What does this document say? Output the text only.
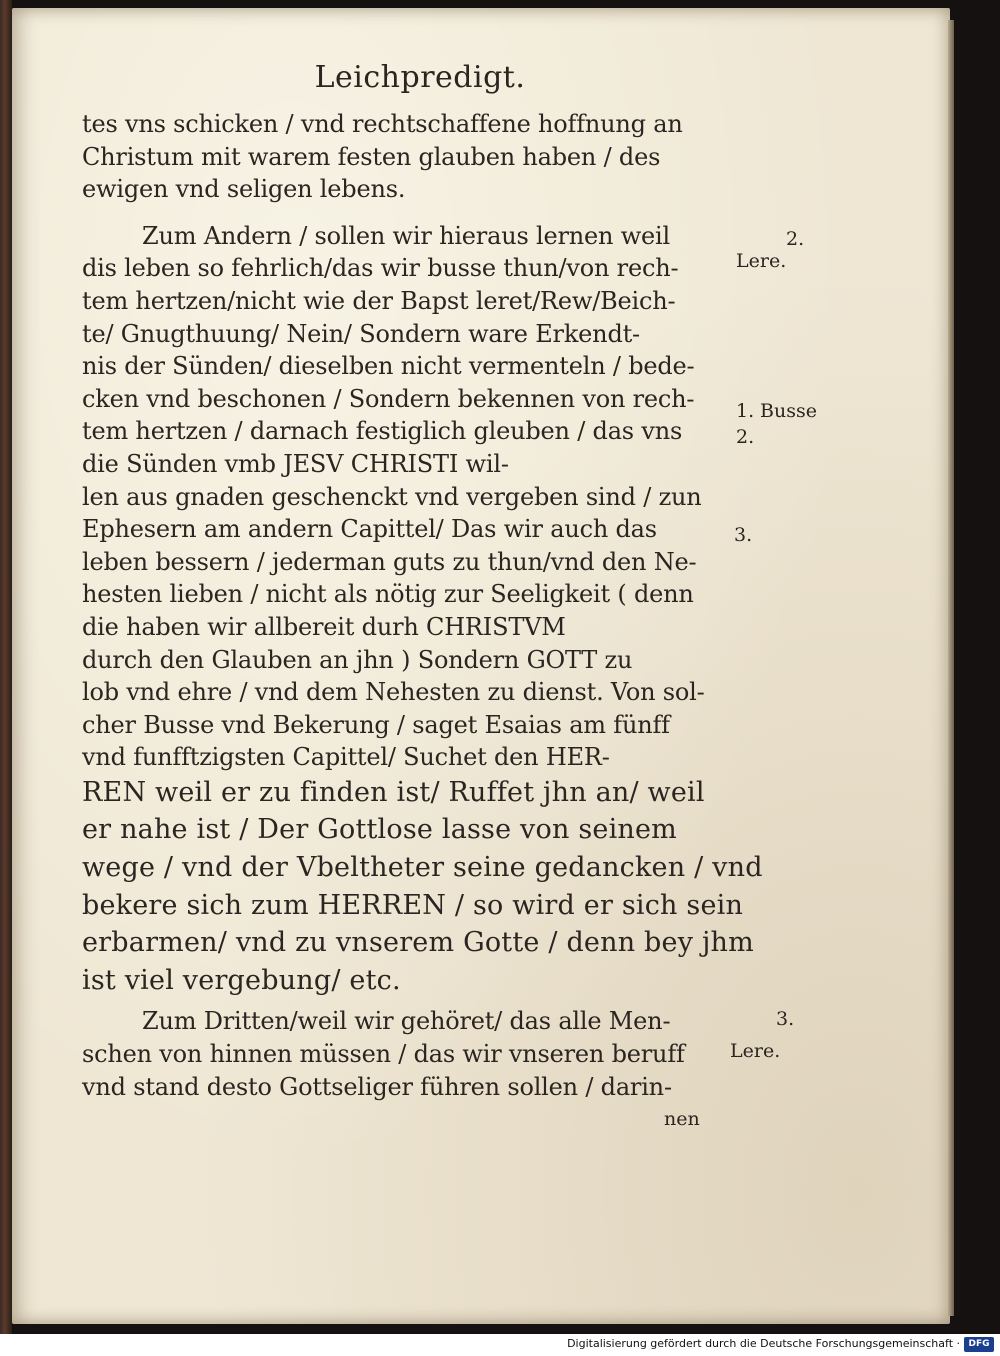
Leichpredigt.
tes vns schicken / vnd rechtschaffene hoffnung an
Christum mit warem festen glauben haben / des
ewigen vnd seligen lebens.
Zum Andern / sollen wir hieraus lernen weil
dis leben so fehrlich/das wir busse thun/von rech-
tem hertzen/nicht wie der Bapst leret/Rew/Beich-
te/ Gnugthuung/ Nein/ Sondern ware Erkendt-
nis der Sünden/ dieselben nicht vermenteln / bede-
cken vnd beschonen / Sondern bekennen von rech-
tem hertzen / darnach festiglich gleuben / das vns
die Sünden vmb JESV CHRISTI wil-
len aus gnaden geschenckt vnd vergeben sind / zun
Ephesern am andern Capittel/ Das wir auch das
leben bessern / jederman guts zu thun/vnd den Ne-
hesten lieben / nicht als nötig zur Seeligkeit ( denn
die haben wir allbereit durh CHRISTVM
durch den Glauben an jhn ) Sondern GOTT zu
lob vnd ehre / vnd dem Nehesten zu dienst. Von sol-
cher Busse vnd Bekerung / saget Esaias am fünff
vnd funfftzigsten Capittel/ Suchet den HER-
REN weil er zu finden ist/ Ruffet jhn an/ weil
er nahe ist / Der Gottlose lasse von seinem
wege / vnd der Vbeltheter seine gedancken / vnd
bekere sich zum HERREN / so wird er sich sein
erbarmen/ vnd zu vnserem Gotte / denn bey jhm
ist viel vergebung/ etc.
Zum Dritten/weil wir gehöret/ das alle Men-
schen von hinnen müssen / das wir vnseren beruff
vnd stand desto Gottseliger führen sollen / darin-
2.
Lere.
1. Busse
2.
3.
3.
Lere.
nen
Digitalisierung gefördert durch die Deutsche Forschungsgemeinschaft · DFG
